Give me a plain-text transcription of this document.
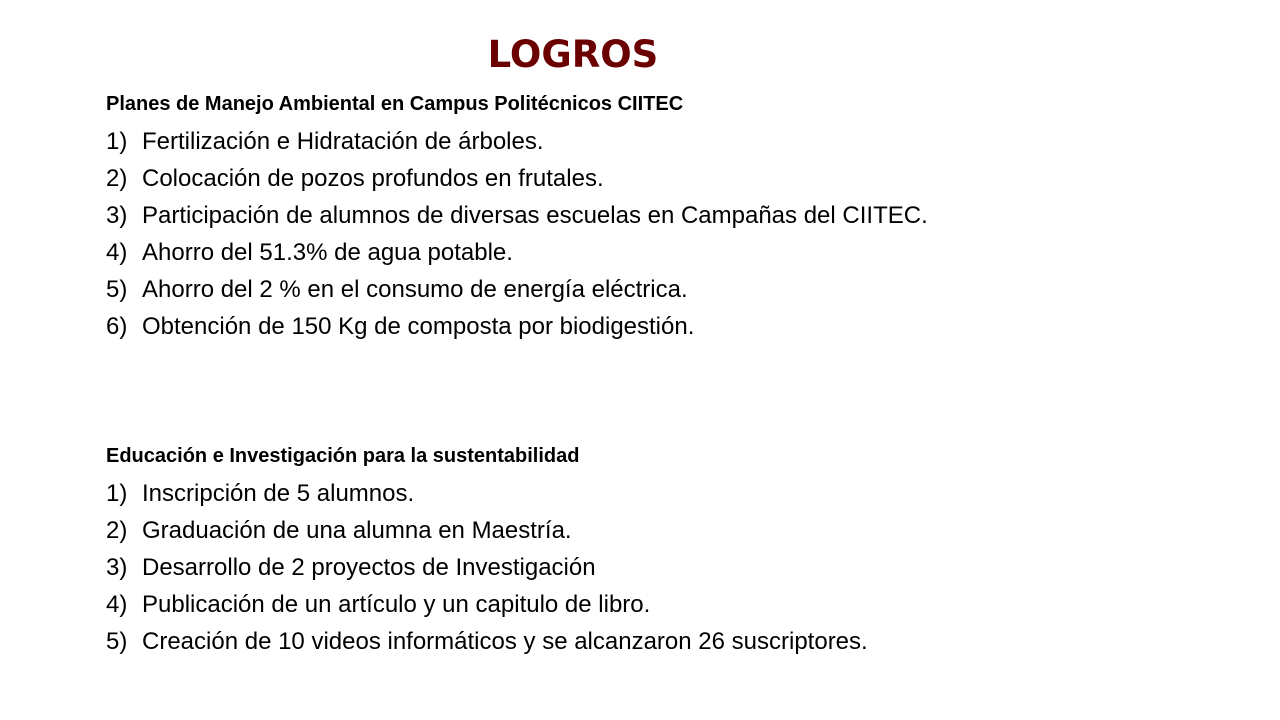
LOGROS
Planes de Manejo Ambiental en Campus Politécnicos CIITEC
1) Fertilización e Hidratación de árboles.
2) Colocación de pozos profundos en frutales.
3) Participación de alumnos de diversas escuelas en Campañas del CIITEC.
4) Ahorro del 51.3% de agua potable.
5) Ahorro del 2 % en el consumo de energía eléctrica.
6) Obtención de 150 Kg de composta por biodigestión.
Educación e Investigación para la sustentabilidad
1) Inscripción de 5 alumnos.
2) Graduación de una alumna en Maestría.
3) Desarrollo de 2 proyectos de Investigación
4) Publicación de un artículo y un capitulo de libro.
5) Creación de 10 videos informáticos y se alcanzaron 26 suscriptores.
